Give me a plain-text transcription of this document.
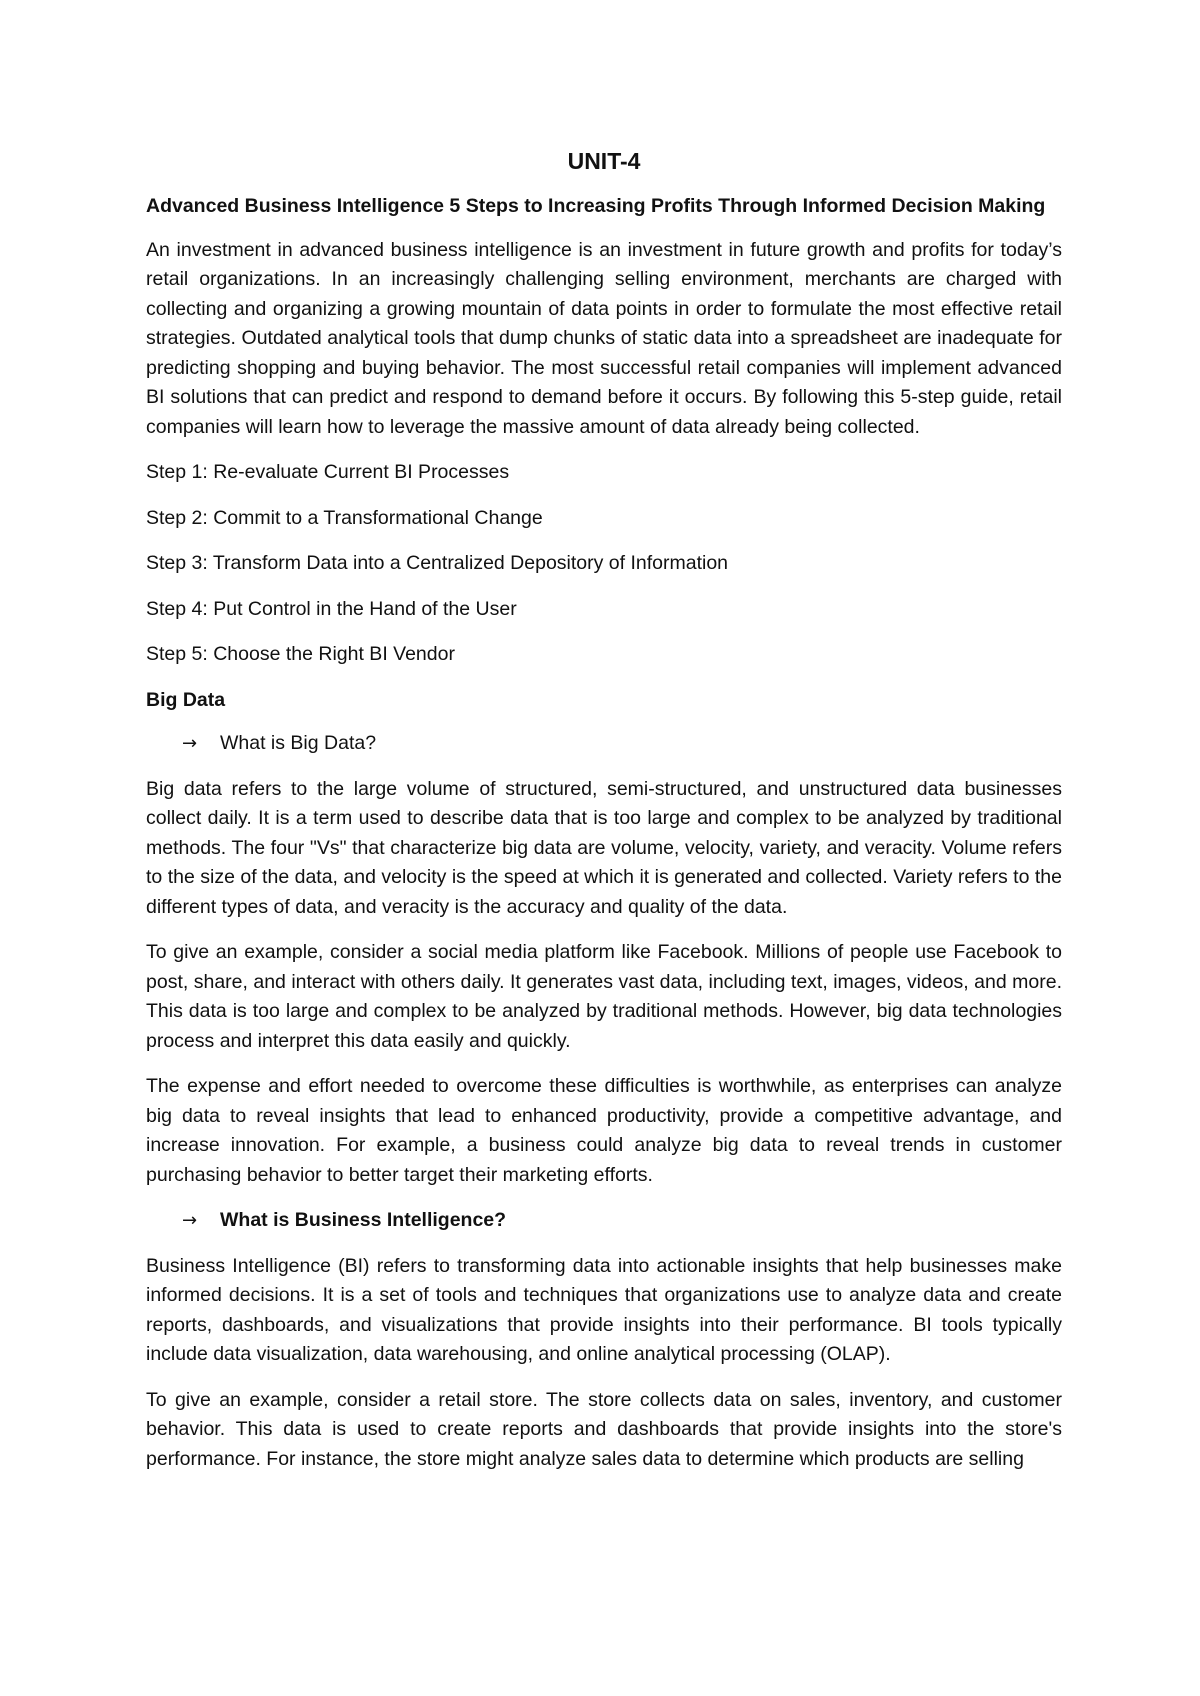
UNIT-4
Advanced Business Intelligence 5 Steps to Increasing Profits Through Informed Decision Making

An investment in advanced business intelligence is an investment in future growth and profits for today’s retail organizations. In an increasingly challenging selling environment, merchants are charged with collecting and organizing a growing mountain of data points in order to formulate the most effective retail strategies. Outdated analytical tools that dump chunks of static data into a spreadsheet are inadequate for predicting shopping and buying behavior. The most successful retail companies will implement advanced BI solutions that can predict and respond to demand before it occurs. By following this 5-step guide, retail companies will learn how to leverage the massive amount of data already being collected.

Step 1: Re-evaluate Current BI Processes

Step 2: Commit to a Transformational Change

Step 3: Transform Data into a Centralized Depository of Information

Step 4: Put Control in the Hand of the User

Step 5: Choose the Right BI Vendor

Big Data
→	What is Big Data?

Big data refers to the large volume of structured, semi-structured, and unstructured data businesses collect daily. It is a term used to describe data that is too large and complex to be analyzed by traditional methods. The four "Vs" that characterize big data are volume, velocity, variety, and veracity. Volume refers to the size of the data, and velocity is the speed at which it is generated and collected. Variety refers to the different types of data, and veracity is the accuracy and quality of the data.

To give an example, consider a social media platform like Facebook. Millions of people use Facebook to post, share, and interact with others daily. It generates vast data, including text, images, videos, and more. This data is too large and complex to be analyzed by traditional methods. However, big data technologies process and interpret this data easily and quickly.

The expense and effort needed to overcome these difficulties is worthwhile, as enterprises can analyze big data to reveal insights that lead to enhanced productivity, provide a competitive advantage, and increase innovation. For example, a business could analyze big data to reveal trends in customer purchasing behavior to better target their marketing efforts.

→	What is Business Intelligence?

Business Intelligence (BI) refers to transforming data into actionable insights that help businesses make informed decisions. It is a set of tools and techniques that organizations use to analyze data and create reports, dashboards, and visualizations that provide insights into their performance. BI tools typically include data visualization, data warehousing, and online analytical processing (OLAP).

To give an example, consider a retail store. The store collects data on sales, inventory, and customer behavior. This data is used to create reports and dashboards that provide insights into the store's performance. For instance, the store might analyze sales data to determine which products are selling
